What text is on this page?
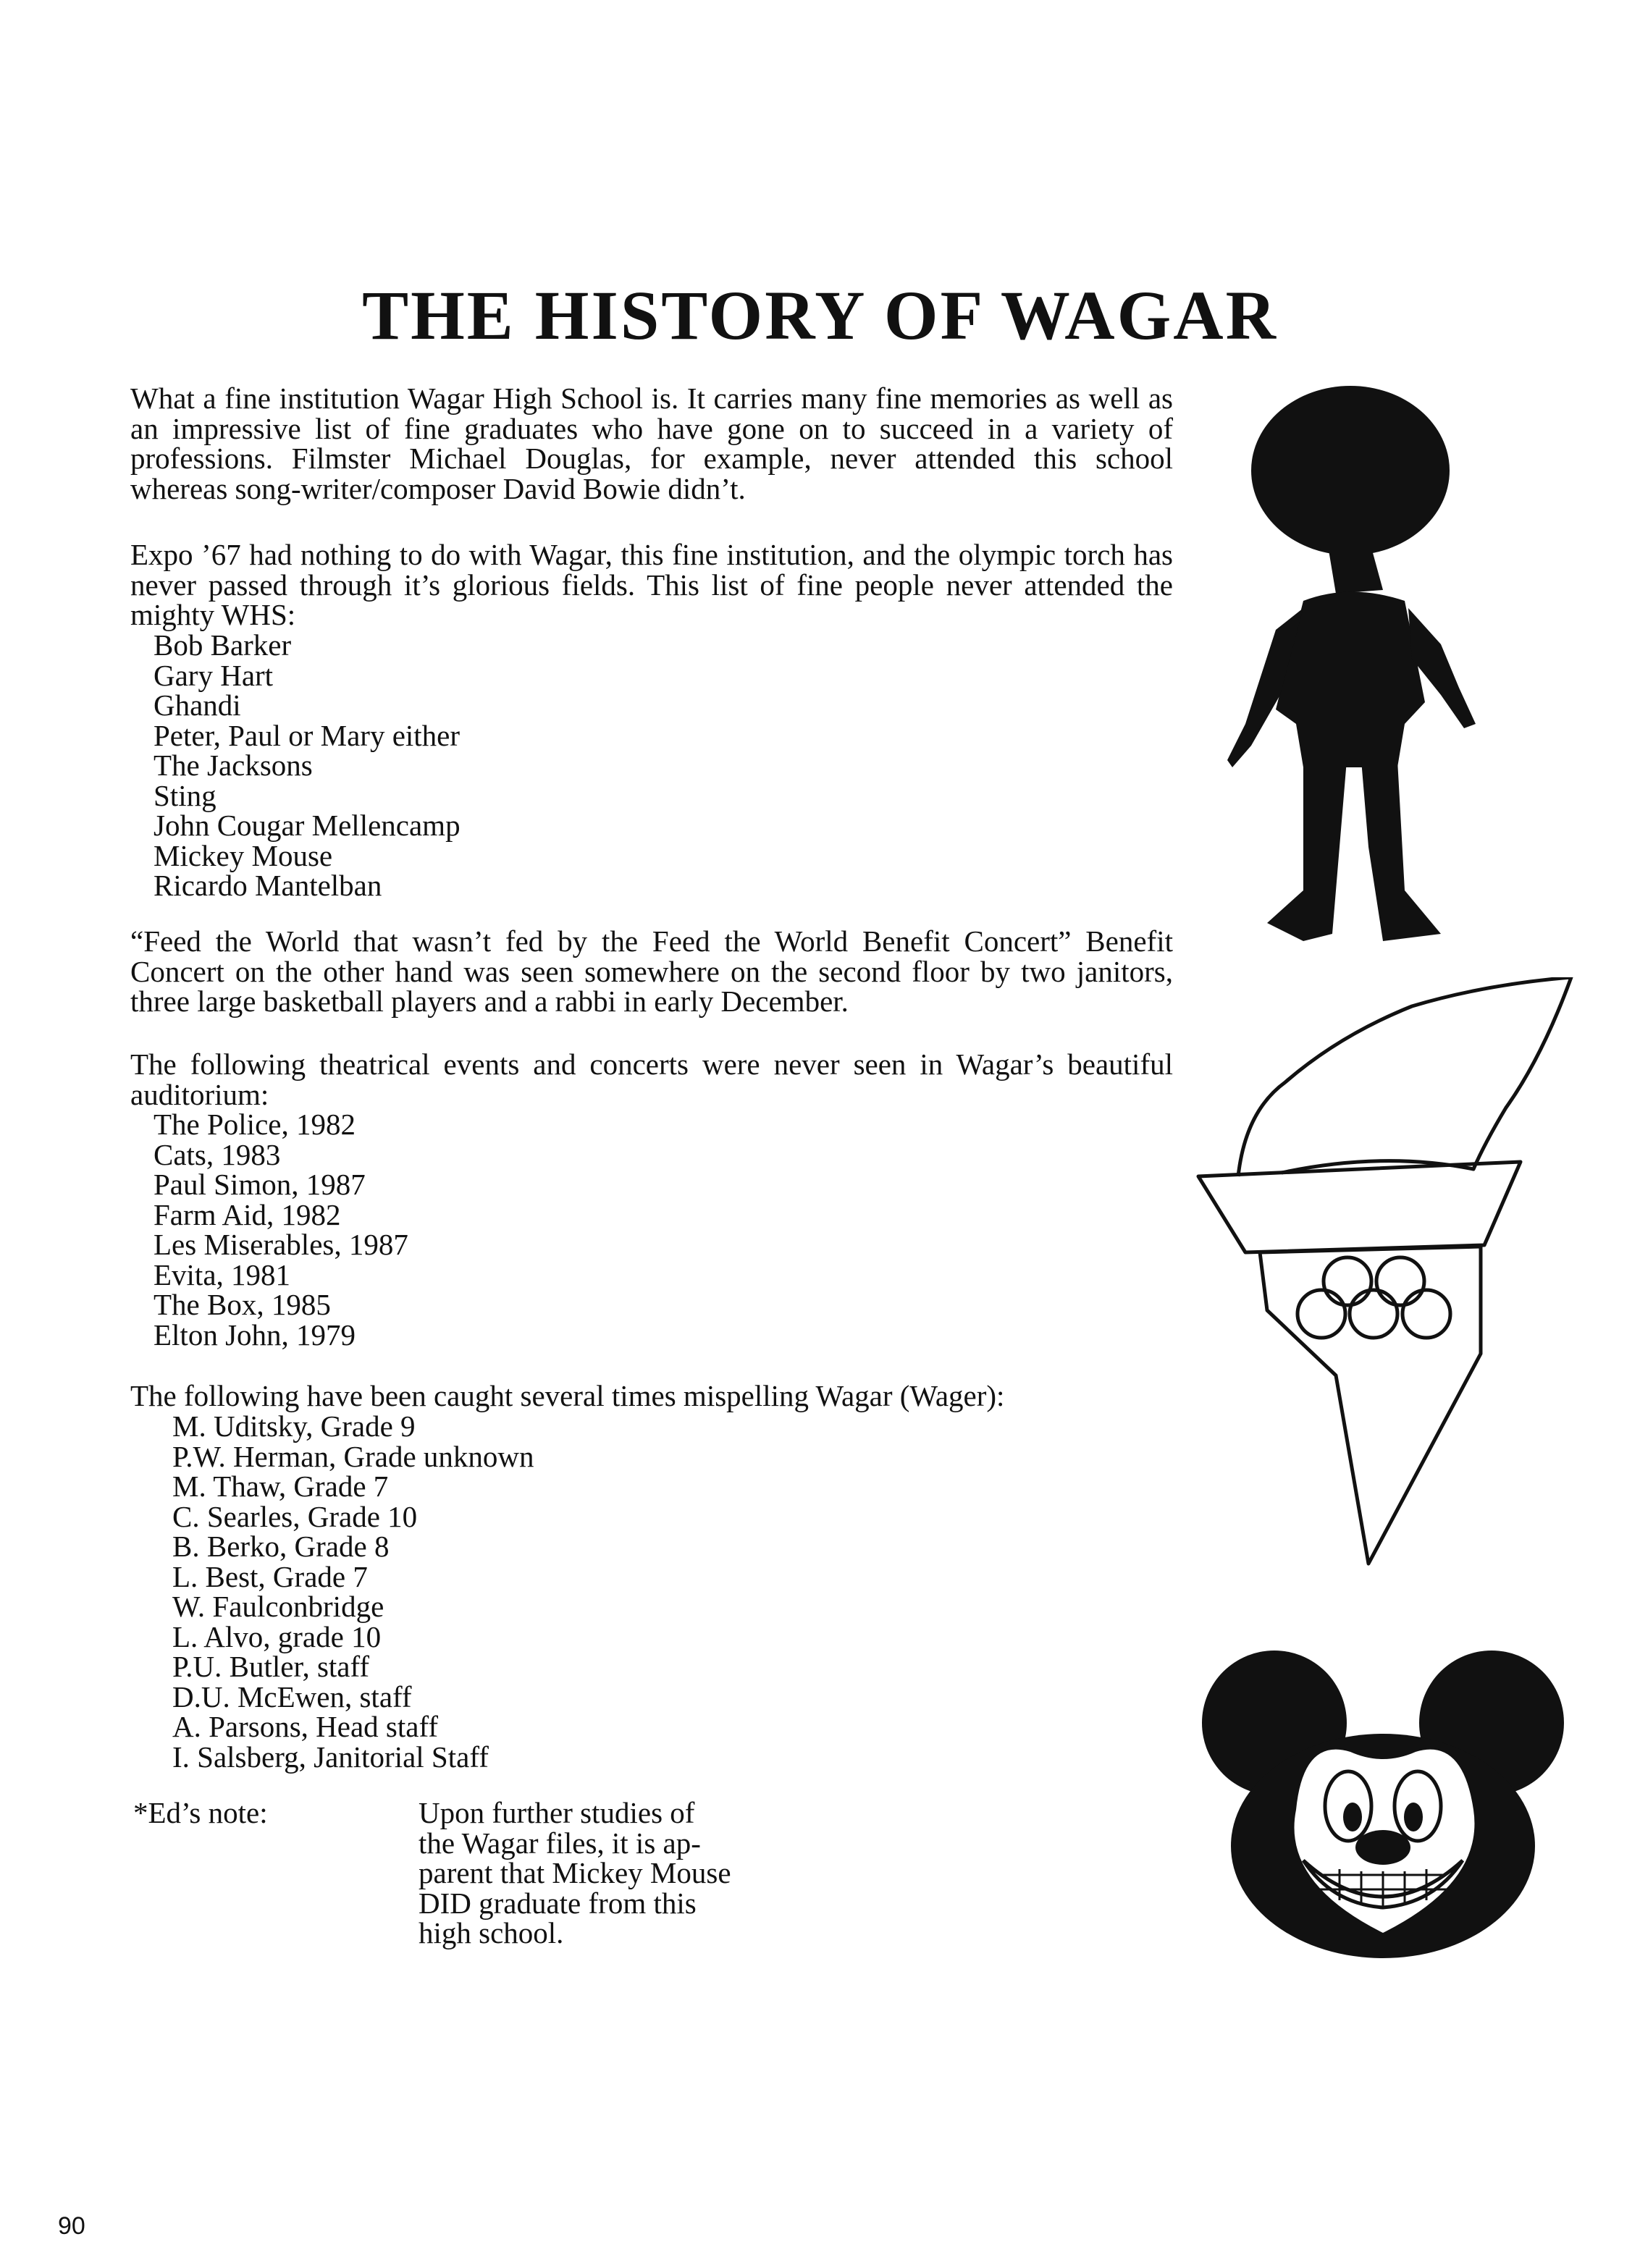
THE HISTORY OF WAGAR

What a fine institution Wagar High School is. It carries many fine memories as well as an impressive list of fine graduates who have gone on to succeed in a variety of professions. Filmster Michael Douglas, for example, never attended this school whereas song-writer/composer David Bowie didn’t.

Expo ’67 had nothing to do with Wagar, this fine institution, and the olympic torch has never passed through it’s glorious fields. This list of fine people never attended the mighty WHS:

Bob Barker
Gary Hart
Ghandi
Peter, Paul or Mary either
The Jacksons
Sting
John Cougar Mellencamp
Mickey Mouse
Ricardo Mantelban

“Feed the World that wasn’t fed by the Feed the World Benefit Concert” Benefit Concert on the other hand was seen somewhere on the second floor by two janitors, three large basketball players and a rabbi in early December.

The following theatrical events and concerts were never seen in Wagar’s beautiful auditorium:

The Police, 1982
Cats, 1983
Paul Simon, 1987
Farm Aid, 1982
Les Miserables, 1987
Evita, 1981
The Box, 1985
Elton John, 1979

The following have been caught several times mispelling Wagar (Wager):

M. Uditsky, Grade 9
P.W. Herman, Grade unknown
M. Thaw, Grade 7
C. Searles, Grade 10
B. Berko, Grade 8
L. Best, Grade 7
W. Faulconbridge
L. Alvo, grade 10
P.U. Butler, staff
D.U. McEwen, staff
A. Parsons, Head staff
I. Salsberg, Janitorial Staff

*Ed’s note:	Upon further studies of
the Wagar files, it is ap-
parent that Mickey Mouse
DID graduate from this
high school.

90
